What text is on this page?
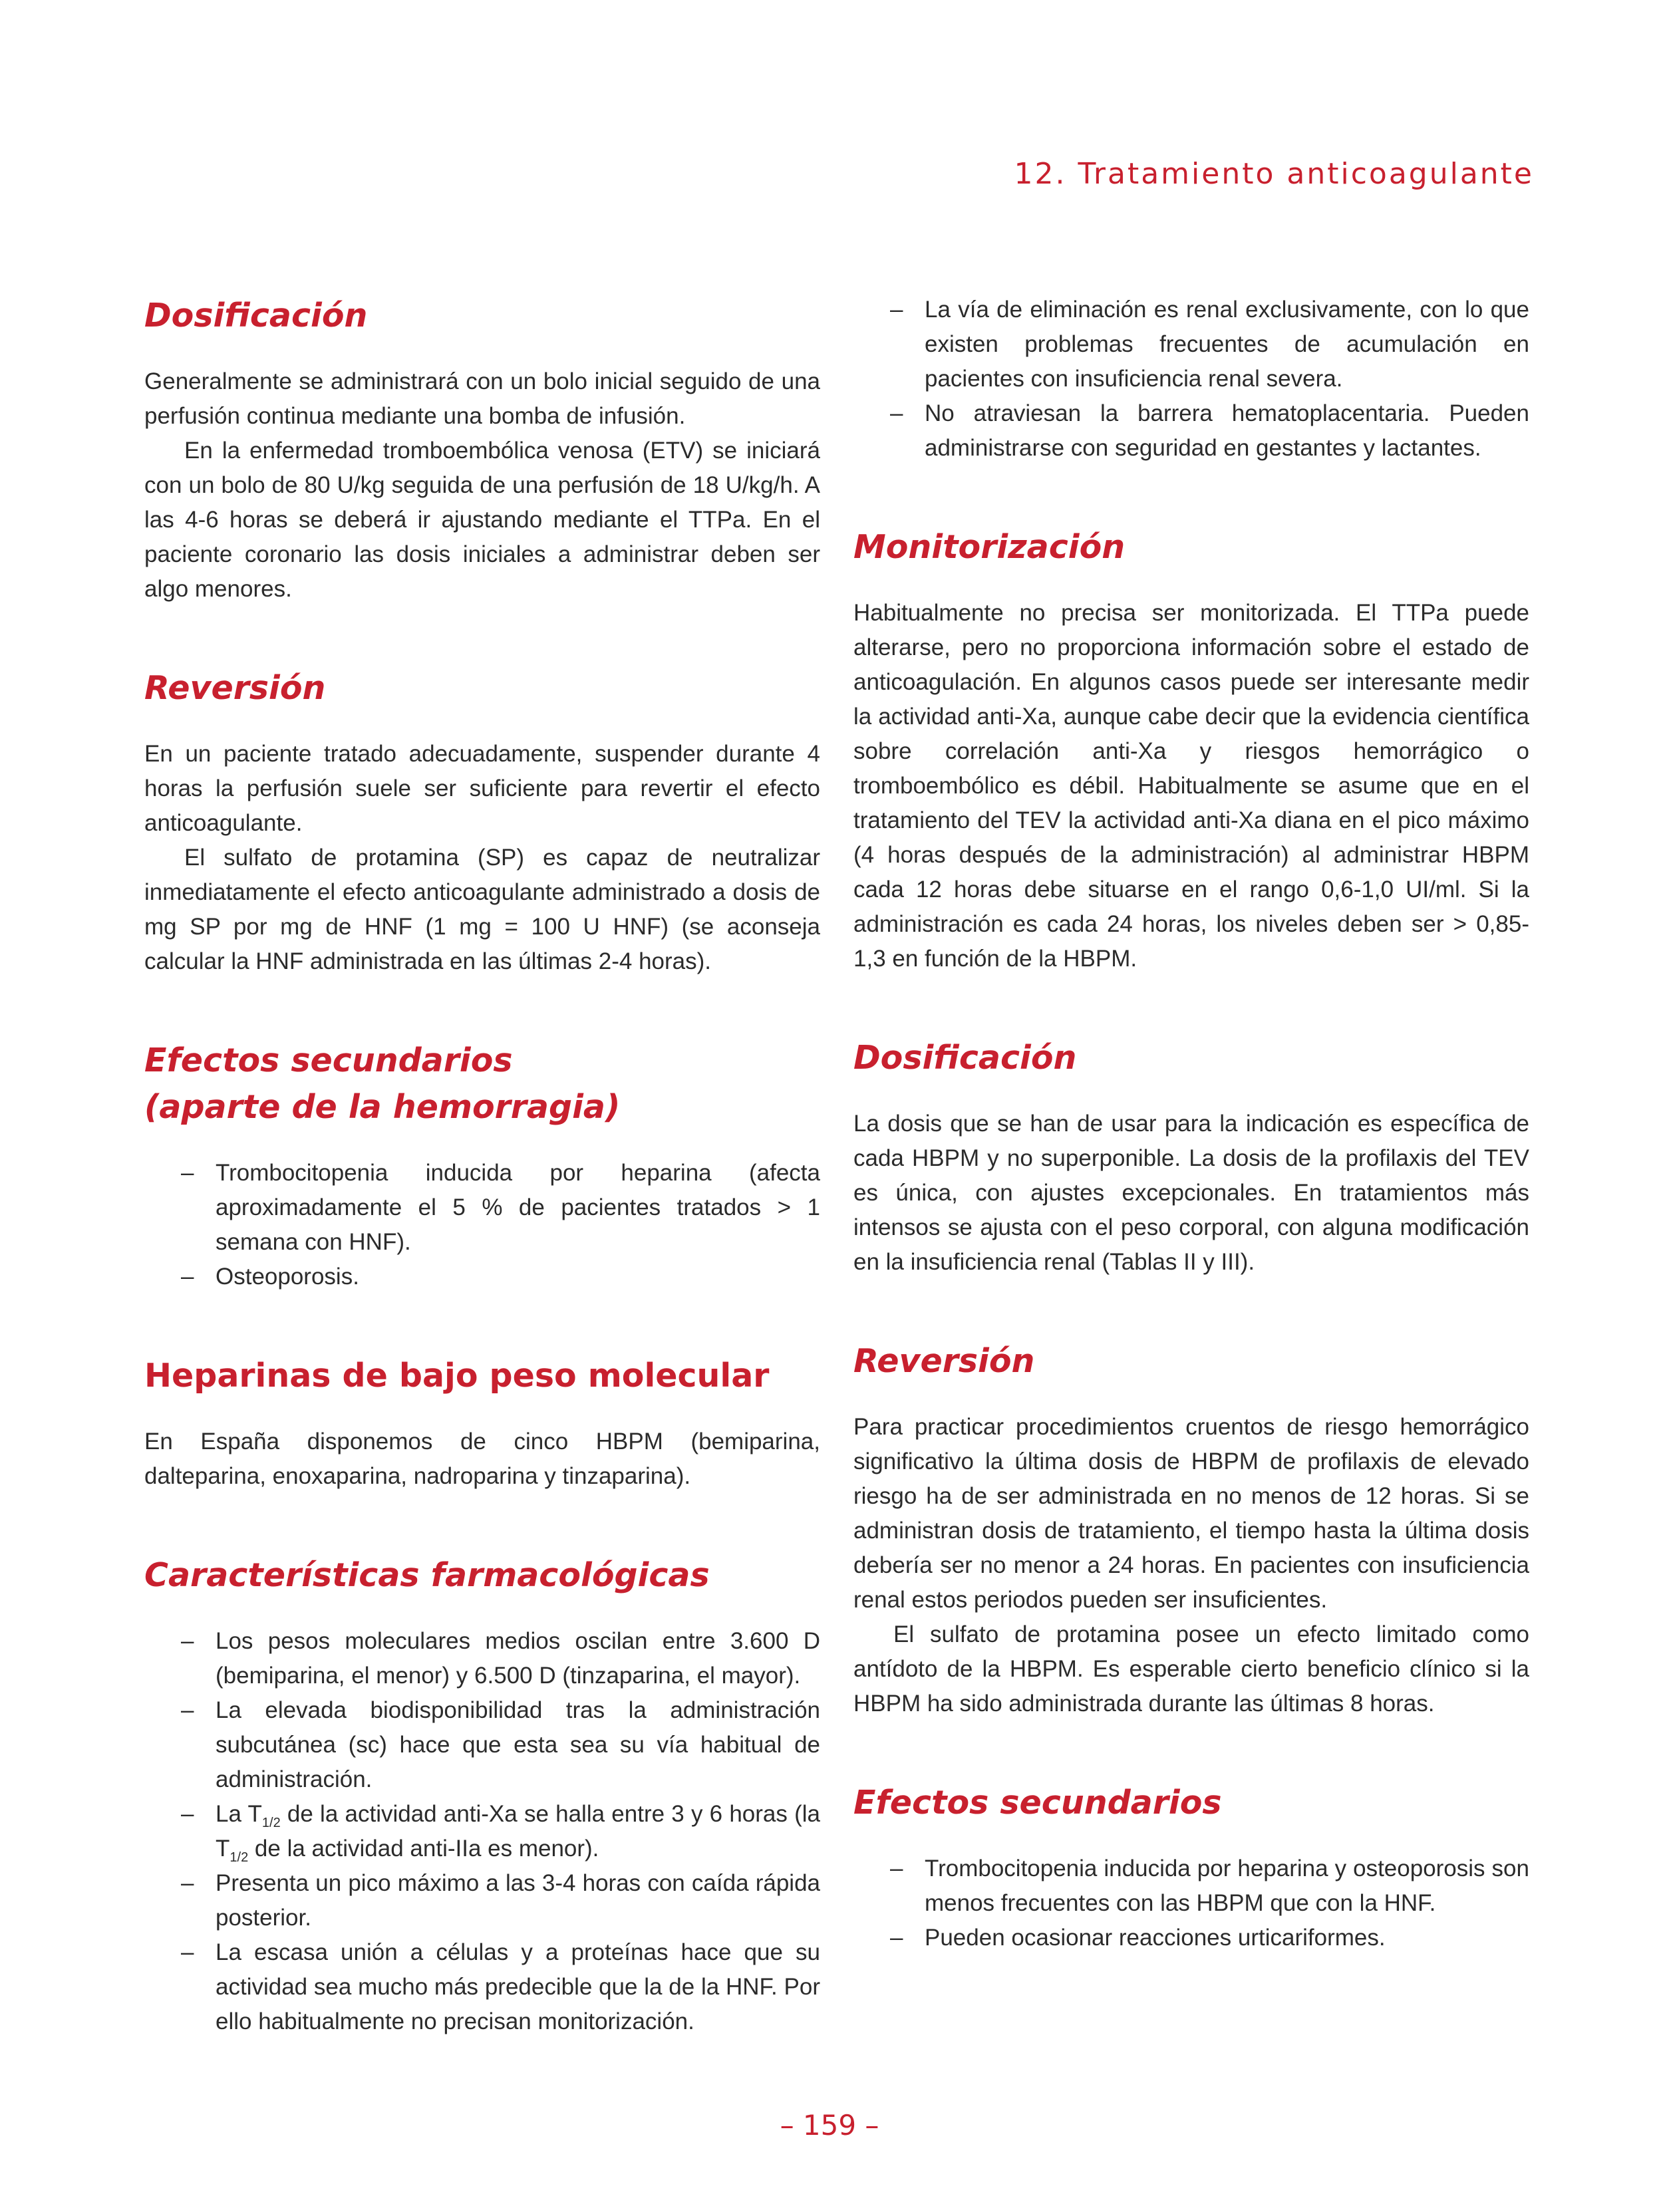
12. Tratamiento anticoagulante

Dosificación

Generalmente se administrará con un bolo inicial seguido de una perfusión continua mediante una bomba de infusión.

En la enfermedad tromboembólica venosa (ETV) se iniciará con un bolo de 80 U/kg seguida de una perfusión de 18 U/kg/h. A las 4-6 horas se deberá ir ajustando mediante el TTPa. En el paciente coronario las dosis iniciales a administrar deben ser algo menores.

Reversión

En un paciente tratado adecuadamente, suspender durante 4 horas la perfusión suele ser suficiente para revertir el efecto anticoagulante.

El sulfato de protamina (SP) es capaz de neutralizar inmediatamente el efecto anticoagulante administrado a dosis de mg SP por mg de HNF (1 mg = 100 U HNF) (se aconseja calcular la HNF administrada en las últimas 2-4 horas).

Efectos secundarios
(aparte de la hemorragia)
– Trombocitopenia inducida por heparina (afecta aproximadamente el 5 % de pacientes tratados > 1 semana con HNF).
– Osteoporosis.
Heparinas de bajo peso molecular

En España disponemos de cinco HBPM (bemiparina, dalteparina, enoxaparina, nadroparina y tinzaparina).

Características farmacológicas
– Los pesos moleculares medios oscilan entre 3.600 D (bemiparina, el menor) y 6.500 D (tinzaparina, el mayor).
– La elevada biodisponibilidad tras la administración subcutánea (sc) hace que esta sea su vía habitual de administración.
– La $T_{1/2}$ de la actividad anti-Xa se halla entre 3 y 6 horas (la $T_{1/2}$ de la actividad anti-IIa es menor).
– Presenta un pico máximo a las 3-4 horas con caída rápida posterior.
– La escasa unión a células y a proteínas hace que su actividad sea mucho más predecible que la de la HNF. Por ello habitualmente no precisan monitorización.
– La vía de eliminación es renal exclusivamente, con lo que existen problemas frecuentes de acumulación en pacientes con insuficiencia renal severa.
– No atraviesan la barrera hematoplacentaria. Pueden administrarse con seguridad en gestantes y lactantes.
Monitorización

Habitualmente no precisa ser monitorizada. El TTPa puede alterarse, pero no proporciona información sobre el estado de anticoagulación. En algunos casos puede ser interesante medir la actividad anti-Xa, aunque cabe decir que la evidencia científica sobre correlación anti-Xa y riesgos hemorrágico o tromboembólico es débil. Habitualmente se asume que en el tratamiento del TEV la actividad anti-Xa diana en el pico máximo (4 horas después de la administración) al administrar HBPM cada 12 horas debe situarse en el rango 0,6-1,0 UI/ml. Si la administración es cada 24 horas, los niveles deben ser > 0,85-1,3 en función de la HBPM.

Dosificación

La dosis que se han de usar para la indicación es específica de cada HBPM y no superponible. La dosis de la profilaxis del TEV es única, con ajustes excepcionales. En tratamientos más intensos se ajusta con el peso corporal, con alguna modificación en la insuficiencia renal (Tablas II y III).

Reversión

Para practicar procedimientos cruentos de riesgo hemorrágico significativo la última dosis de HBPM de profilaxis de elevado riesgo ha de ser administrada en no menos de 12 horas. Si se administran dosis de tratamiento, el tiempo hasta la última dosis debería ser no menor a 24 horas. En pacientes con insuficiencia renal estos periodos pueden ser insuficientes.

El sulfato de protamina posee un efecto limitado como antídoto de la HBPM. Es esperable cierto beneficio clínico si la HBPM ha sido administrada durante las últimas 8 horas.

Efectos secundarios
– Trombocitopenia inducida por heparina y osteoporosis son menos frecuentes con las HBPM que con la HNF.
– Pueden ocasionar reacciones urticariformes.

– 159 –
